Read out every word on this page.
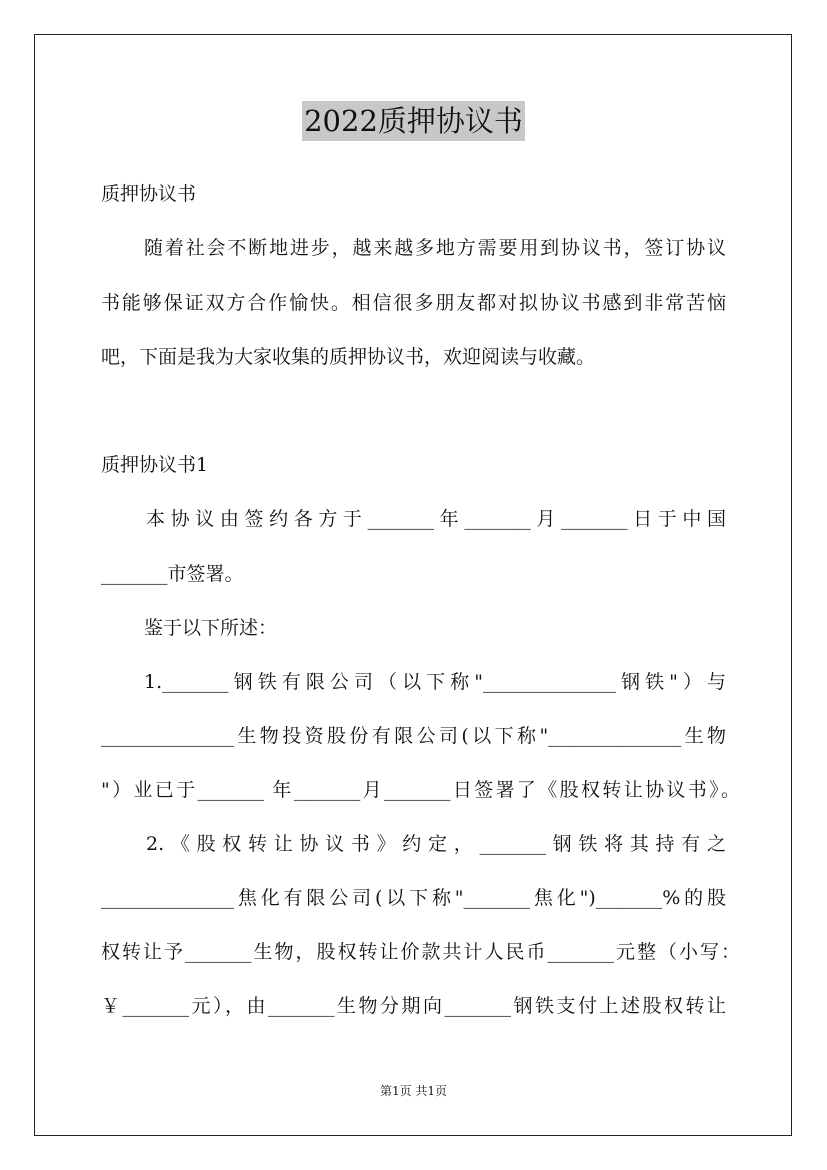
2022质押协议书
质押协议书
随着社会不断地进步，越来越多地方需要用到协议书，签订协议
书能够保证双方合作愉快。相信很多朋友都对拟协议书感到非常苦恼
吧，下面是我为大家收集的质押协议书，欢迎阅读与收藏。
质押协议书1
本协议由签约各方于_______年_______月_______日于中国
_______市签署。
鉴于以下所述：
1._______钢铁有限公司（以下称"______________钢铁"）与
______________生物投资股份有限公司(以下称"______________生物
"）业已于_______ 年_______月_______日签署了《股权转让协议书》。
2.《股权转让协议书》约定，_______钢铁将其持有之
______________焦化有限公司(以下称"_______焦化")_______%的股
权转让予_______生物，股权转让价款共计人民币_______元整（小写：
￥_______元），由_______生物分期向_______钢铁支付上述股权转让
第1页 共1页
